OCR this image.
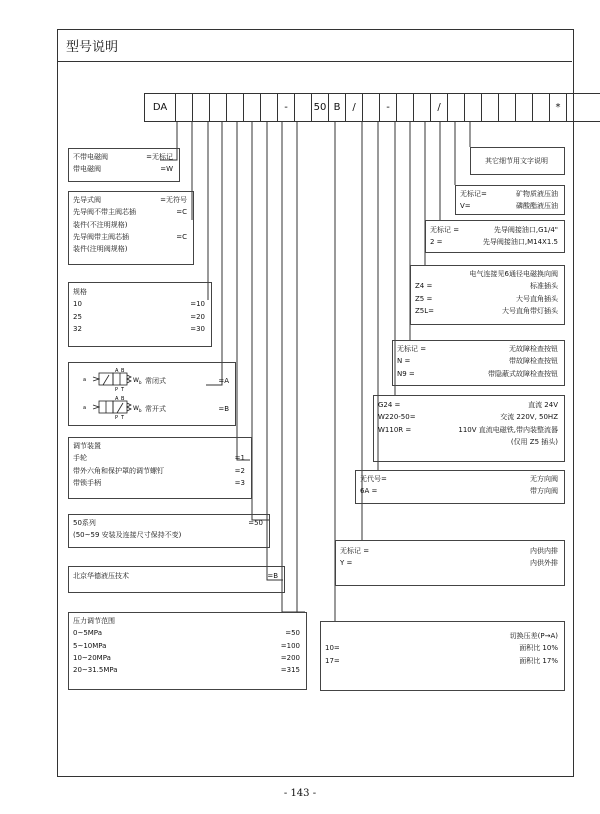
型号说明
DA	-	50 B	/	-	/	*
不带电磁阀	=无标记
带电磁阀	=W
先导式阀	=无符号
先导阀不带主阀芯插	=C
装件(不注明规格)
先导阀带主阀芯插	=C
装件(注明阀规格)
规格
10	=10
25	=20
32	=30
A B
W b
P T
a	常闭式	=A
A B
W b
P T
a	常开式	=B
调节装置
手轮	=1
带外六角和保护罩的调节螺钉	=2
带锁手柄	=3
50系列	=50
(50~59 安装及连接尺寸保持不变)
北京华德液压技术	=B
压力调节范围
0~5MPa	=50
5~10MPa	=100
10~20MPa	=200
20~31.5MPa	=315
其它细节用文字说明
无标记=	矿物质液压油
V=	磷酸酯液压油
无标记 =	先导阀接油口,G1/4"
2 =	先导阀接油口,M14X1.5
电气连接见6通径电磁换向阀
Z4 =	标准插头
Z5 =	大号直角插头
Z5L=	大号直角带灯插头
无标记 =	无故障检查按钮
N =	带故障检查按钮
N9 =	带隐蔽式故障检查按钮
G24 =	直流 24V
W220-50=	交流 220V, 50HZ
W110R =	110V 直流电磁铁,带内装整流器
(仅用 Z5 插头)
无代号=	无方向阀
6A =	带方向阀
无标记 =	内供内排
Y =	内供外排
切换压差(P→A)
10=	面积比 10%
17=	面积比 17%
- 143 -
